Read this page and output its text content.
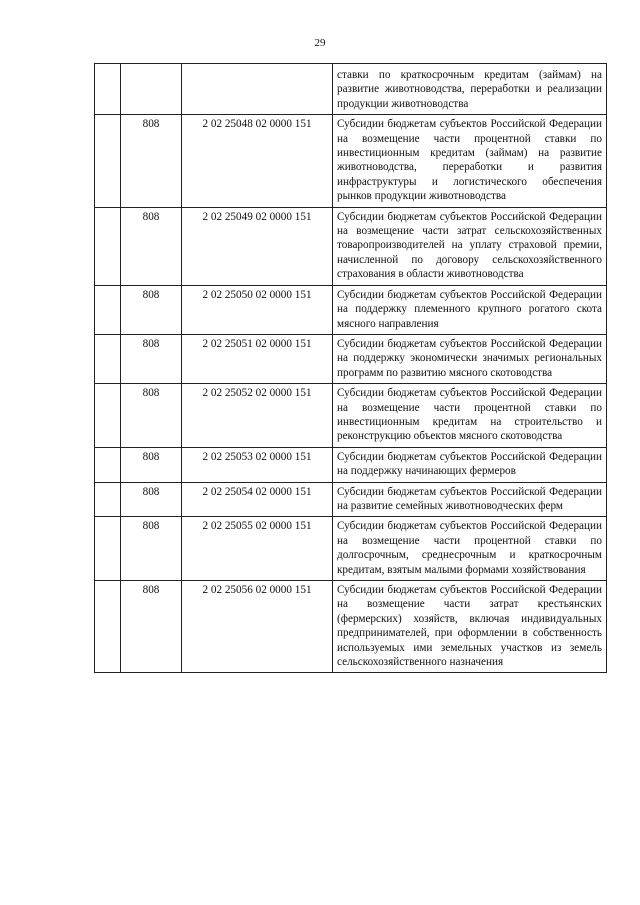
29
			ставки по краткосрочным кредитам (займам) на развитие животноводства, переработки и реализации продукции животноводства
	808	2 02 25048 02 0000 151	Субсидии бюджетам субъектов Российской Федерации на возмещение части процентной ставки по инвестиционным кредитам (займам) на развитие животноводства, переработки и развития инфраструктуры и логистического обеспечения рынков продукции животноводства
	808	2 02 25049 02 0000 151	Субсидии бюджетам субъектов Российской Федерации на возмещение части затрат сельскохозяйственных товаропроизводителей на уплату страховой премии, начисленной по договору сельскохозяйственного страхования в области животноводства
	808	2 02 25050 02 0000 151	Субсидии бюджетам субъектов Российской Федерации на поддержку племенного крупного рогатого скота мясного направления
	808	2 02 25051 02 0000 151	Субсидии бюджетам субъектов Российской Федерации на поддержку экономически значимых региональных программ по развитию мясного скотоводства
	808	2 02 25052 02 0000 151	Субсидии бюджетам субъектов Российской Федерации на возмещение части процентной ставки по инвестиционным кредитам на строительство и реконструкцию объектов мясного скотоводства
	808	2 02 25053 02 0000 151	Субсидии бюджетам субъектов Российской Федерации на поддержку начинающих фермеров
	808	2 02 25054 02 0000 151	Субсидии бюджетам субъектов Российской Федерации на развитие семейных животноводческих ферм
	808	2 02 25055 02 0000 151	Субсидии бюджетам субъектов Российской Федерации на возмещение части процентной ставки по долгосрочным, среднесрочным и краткосрочным кредитам, взятым малыми формами хозяйствования
	808	2 02 25056 02 0000 151	Субсидии бюджетам субъектов Российской Федерации на возмещение части затрат крестьянских (фермерских) хозяйств, включая индивидуальных предпринимателей, при оформлении в собственность используемых ими земельных участков из земель сельскохозяйственного назначения
